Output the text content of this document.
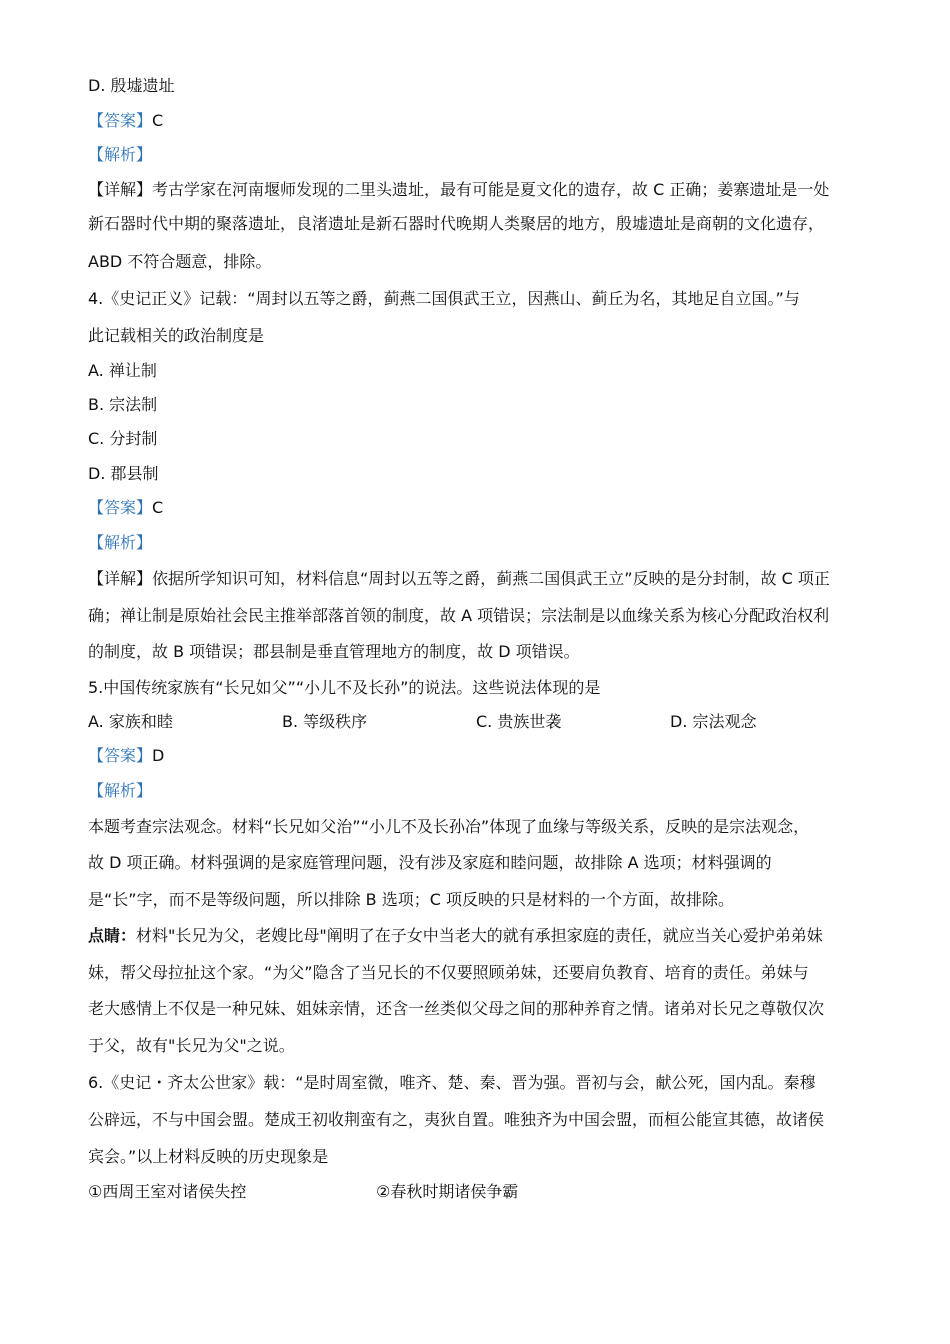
D. 殷墟遗址
【答案】C
【解析】
【详解】考古学家在河南堰师发现的二里头遗址，最有可能是夏文化的遗存，故 C 正确；姜寨遗址是一处
新石器时代中期的聚落遗址，良渚遗址是新石器时代晚期人类聚居的地方，殷墟遗址是商朝的文化遗存，
ABD 不符合题意，排除。
4.《史记正义》记载：“周封以五等之爵，蓟燕二国俱武王立，因燕山、蓟丘为名，其地足自立国。”与
此记载相关的政治制度是
A. 禅让制
B. 宗法制
C. 分封制
D. 郡县制
【答案】C
【解析】
【详解】依据所学知识可知，材料信息“周封以五等之爵，蓟燕二国俱武王立”反映的是分封制，故 C 项正
确；禅让制是原始社会民主推举部落首领的制度，故 A 项错误；宗法制是以血缘关系为核心分配政治权利
的制度，故 B 项错误；郡县制是垂直管理地方的制度，故 D 项错误。
5.中国传统家族有“长兄如父”“小儿不及长孙”的说法。这些说法体现的是
A. 家族和睦	B. 等级秩序	C. 贵族世袭	D. 宗法观念
【答案】D
【解析】
本题考查宗法观念。材料“长兄如父治”“小儿不及长孙冶”体现了血缘与等级关系，反映的是宗法观念，
故 D 项正确。材料强调的是家庭管理问题，没有涉及家庭和睦问题，故排除 A 选项；材料强调的
是“长”字，而不是等级问题，所以排除 B 选项；C 项反映的只是材料的一个方面，故排除。
点睛：材料"长兄为父，老嫂比母"阐明了在子女中当老大的就有承担家庭的责任，就应当关心爱护弟弟妹
妹，帮父母拉扯这个家。“为父”隐含了当兄长的不仅要照顾弟妹，还要肩负教育、培育的责任。弟妹与
老大感情上不仅是一种兄妹、姐妹亲情，还含一丝类似父母之间的那种养育之情。诸弟对长兄之尊敬仅次
于父，故有"长兄为父"之说。
6.《史记・齐太公世家》载：“是时周室微，唯齐、楚、秦、晋为强。晋初与会，献公死，国内乱。秦穆
公辟远，不与中国会盟。楚成王初收荆蛮有之，夷狄自置。唯独齐为中国会盟，而桓公能宣其德，故诸侯
宾会。”以上材料反映的历史现象是
①西周王室对诸侯失控	②春秋时期诸侯争霸
